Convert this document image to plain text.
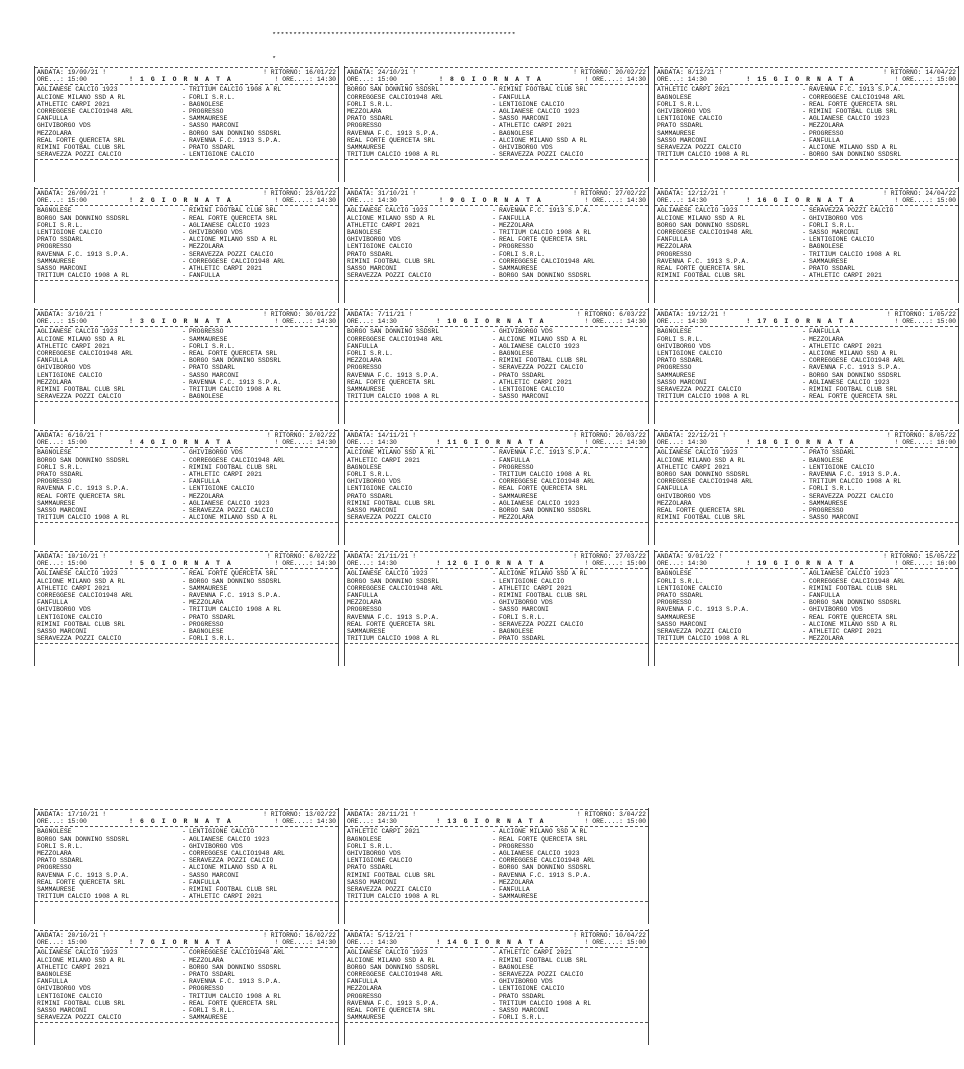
**********************************************************

*

ANDATA: 19/09/21 !	! RITORNO: 16/01/22
ORE...: 15:00	! 1 G I O R N A T A	! ORE....: 14:30
AGLIANESE CALCIO 1923	- TRITIUM CALCIO 1908 A RL
ALCIONE MILANO SSD A RL	- FORLI S.R.L.
ATHLETIC CARPI 2021	- BAGNOLESE
CORREGGESE CALCIO1948 ARL	- PROGRESSO
FANFULLA	- SAMMAURESE
GHIVIBORGO VDS	- SASSO MARCONI
MEZZOLARA	- BORGO SAN DONNINO SSDSRL
REAL FORTE QUERCETA SRL	- RAVENNA F.C. 1913 S.P.A.
RIMINI FOOTBAL CLUB SRL	- PRATO SSDARL
SERAVEZZA POZZI CALCIO	- LENTIGIONE CALCIO
ANDATA: 26/09/21 !	! RITORNO: 23/01/22
ORE...: 15:00	! 2 G I O R N A T A	! ORE....: 14:30
BAGNOLESE	- RIMINI FOOTBAL CLUB SRL
BORGO SAN DONNINO SSDSRL	- REAL FORTE QUERCETA SRL
FORLI S.R.L.	- AGLIANESE CALCIO 1923
LENTIGIONE CALCIO	- GHIVIBORGO VDS
PRATO SSDARL	- ALCIONE MILANO SSD A RL
PROGRESSO	- MEZZOLARA
RAVENNA F.C. 1913 S.P.A.	- SERAVEZZA POZZI CALCIO
SAMMAURESE	- CORREGGESE CALCIO1948 ARL
SASSO MARCONI	- ATHLETIC CARPI 2021
TRITIUM CALCIO 1908 A RL	- FANFULLA
ANDATA: 3/10/21 !	! RITORNO: 30/01/22
ORE...: 15:00	! 3 G I O R N A T A	! ORE....: 14:30
AGLIANESE CALCIO 1923	- PROGRESSO
ALCIONE MILANO SSD A RL	- SAMMAURESE
ATHLETIC CARPI 2021	- FORLI S.R.L.
CORREGGESE CALCIO1948 ARL	- REAL FORTE QUERCETA SRL
FANFULLA	- BORGO SAN DONNINO SSDSRL
GHIVIBORGO VDS	- PRATO SSDARL
LENTIGIONE CALCIO	- SASSO MARCONI
MEZZOLARA	- RAVENNA F.C. 1913 S.P.A.
RIMINI FOOTBAL CLUB SRL	- TRITIUM CALCIO 1908 A RL
SERAVEZZA POZZI CALCIO	- BAGNOLESE
ANDATA: 6/10/21 !	! RITORNO: 2/02/22
ORE...: 15:00	! 4 G I O R N A T A	! ORE....: 14:30
BAGNOLESE	- GHIVIBORGO VDS
BORGO SAN DONNINO SSDSRL	- CORREGGESE CALCIO1948 ARL
FORLI S.R.L.	- RIMINI FOOTBAL CLUB SRL
PRATO SSDARL	- ATHLETIC CARPI 2021
PROGRESSO	- FANFULLA
RAVENNA F.C. 1913 S.P.A.	- LENTIGIONE CALCIO
REAL FORTE QUERCETA SRL	- MEZZOLARA
SAMMAURESE	- AGLIANESE CALCIO 1923
SASSO MARCONI	- SERAVEZZA POZZI CALCIO
TRITIUM CALCIO 1908 A RL	- ALCIONE MILANO SSD A RL
ANDATA: 10/10/21 !	! RITORNO: 6/02/22
ORE...: 15:00	! 5 G I O R N A T A	! ORE....: 14:30
AGLIANESE CALCIO 1923	- REAL FORTE QUERCETA SRL
ALCIONE MILANO SSD A RL	- BORGO SAN DONNINO SSDSRL
ATHLETIC CARPI 2021	- SAMMAURESE
CORREGGESE CALCIO1948 ARL	- RAVENNA F.C. 1913 S.P.A.
FANFULLA	- MEZZOLARA
GHIVIBORGO VDS	- TRITIUM CALCIO 1908 A RL
LENTIGIONE CALCIO	- PRATO SSDARL
RIMINI FOOTBAL CLUB SRL	- PROGRESSO
SASSO MARCONI	- BAGNOLESE
SERAVEZZA POZZI CALCIO	- FORLI S.R.L.
ANDATA: 24/10/21 !	! RITORNO: 20/02/22
ORE...: 15:00	! 8 G I O R N A T A	! ORE....: 14:30
BORGO SAN DONNINO SSDSRL	- RIMINI FOOTBAL CLUB SRL
CORREGGESE CALCIO1948 ARL	- FANFULLA
FORLI S.R.L.	- LENTIGIONE CALCIO
MEZZOLARA	- AGLIANESE CALCIO 1923
PRATO SSDARL	- SASSO MARCONI
PROGRESSO	- ATHLETIC CARPI 2021
RAVENNA F.C. 1913 S.P.A.	- BAGNOLESE
REAL FORTE QUERCETA SRL	- ALCIONE MILANO SSD A RL
SAMMAURESE	- GHIVIBORGO VDS
TRITIUM CALCIO 1908 A RL	- SERAVEZZA POZZI CALCIO
ANDATA: 31/10/21 !	! RITORNO: 27/02/22
ORE...: 14:30	! 9 G I O R N A T A	! ORE....: 14:30
AGLIANESE CALCIO 1923	- RAVENNA F.C. 1913 S.P.A.
ALCIONE MILANO SSD A RL	- FANFULLA
ATHLETIC CARPI 2021	- MEZZOLARA
BAGNOLESE	- TRITIUM CALCIO 1908 A RL
GHIVIBORGO VDS	- REAL FORTE QUERCETA SRL
LENTIGIONE CALCIO	- PROGRESSO
PRATO SSDARL	- FORLI S.R.L.
RIMINI FOOTBAL CLUB SRL	- CORREGGESE CALCIO1948 ARL
SASSO MARCONI	- SAMMAURESE
SERAVEZZA POZZI CALCIO	- BORGO SAN DONNINO SSDSRL
ANDATA: 7/11/21 !	! RITORNO: 6/03/22
ORE...: 14:30	! 10 G I O R N A T A	! ORE....: 14:30
BORGO SAN DONNINO SSDSRL	- GHIVIBORGO VDS
CORREGGESE CALCIO1948 ARL	- ALCIONE MILANO SSD A RL
FANFULLA	- AGLIANESE CALCIO 1923
FORLI S.R.L.	- BAGNOLESE
MEZZOLARA	- RIMINI FOOTBAL CLUB SRL
PROGRESSO	- SERAVEZZA POZZI CALCIO
RAVENNA F.C. 1913 S.P.A.	- PRATO SSDARL
REAL FORTE QUERCETA SRL	- ATHLETIC CARPI 2021
SAMMAURESE	- LENTIGIONE CALCIO
TRITIUM CALCIO 1908 A RL	- SASSO MARCONI
ANDATA: 14/11/21 !	! RITORNO: 20/03/22
ORE...: 14:30	! 11 G I O R N A T A	! ORE....: 14:30
ALCIONE MILANO SSD A RL	- RAVENNA F.C. 1913 S.P.A.
ATHLETIC CARPI 2021	- FANFULLA
BAGNOLESE	- PROGRESSO
FORLI S.R.L.	- TRITIUM CALCIO 1908 A RL
GHIVIBORGO VDS	- CORREGGESE CALCIO1948 ARL
LENTIGIONE CALCIO	- REAL FORTE QUERCETA SRL
PRATO SSDARL	- SAMMAURESE
RIMINI FOOTBAL CLUB SRL	- AGLIANESE CALCIO 1923
SASSO MARCONI	- BORGO SAN DONNINO SSDSRL
SERAVEZZA POZZI CALCIO	- MEZZOLARA
ANDATA: 21/11/21 !	! RITORNO: 27/03/22
ORE...: 14:30	! 12 G I O R N A T A	! ORE....: 15:00
AGLIANESE CALCIO 1923	- ALCIONE MILANO SSD A RL
BORGO SAN DONNINO SSDSRL	- LENTIGIONE CALCIO
CORREGGESE CALCIO1948 ARL	- ATHLETIC CARPI 2021
FANFULLA	- RIMINI FOOTBAL CLUB SRL
MEZZOLARA	- GHIVIBORGO VDS
PROGRESSO	- SASSO MARCONI
RAVENNA F.C. 1913 S.P.A.	- FORLI S.R.L.
REAL FORTE QUERCETA SRL	- SERAVEZZA POZZI CALCIO
SAMMAURESE	- BAGNOLESE
TRITIUM CALCIO 1908 A RL	- PRATO SSDARL
ANDATA: 8/12/21 !	! RITORNO: 14/04/22
ORE...: 14:30	! 15 G I O R N A T A	! ORE....: 15:00
ATHLETIC CARPI 2021	- RAVENNA F.C. 1913 S.P.A.
BAGNOLESE	- CORREGGESE CALCIO1948 ARL
FORLI S.R.L.	- REAL FORTE QUERCETA SRL
GHIVIBORGO VDS	- RIMINI FOOTBAL CLUB SRL
LENTIGIONE CALCIO	- AGLIANESE CALCIO 1923
PRATO SSDARL	- MEZZOLARA
SAMMAURESE	- PROGRESSO
SASSO MARCONI	- FANFULLA
SERAVEZZA POZZI CALCIO	- ALCIONE MILANO SSD A RL
TRITIUM CALCIO 1908 A RL	- BORGO SAN DONNINO SSDSRL
ANDATA: 12/12/21 !	! RITORNO: 24/04/22
ORE...: 14:30	! 16 G I O R N A T A	! ORE....: 15:00
AGLIANESE CALCIO 1923	- SERAVEZZA POZZI CALCIO
ALCIONE MILANO SSD A RL	- GHIVIBORGO VDS
BORGO SAN DONNINO SSDSRL	- FORLI S.R.L.
CORREGGESE CALCIO1948 ARL	- SASSO MARCONI
FANFULLA	- LENTIGIONE CALCIO
MEZZOLARA	- BAGNOLESE
PROGRESSO	- TRITIUM CALCIO 1908 A RL
RAVENNA F.C. 1913 S.P.A.	- SAMMAURESE
REAL FORTE QUERCETA SRL	- PRATO SSDARL
RIMINI FOOTBAL CLUB SRL	- ATHLETIC CARPI 2021
ANDATA: 19/12/21 !	! RITORNO: 1/05/22
ORE...: 14:30	! 17 G I O R N A T A	! ORE....: 15:00
BAGNOLESE	- FANFULLA
FORLI S.R.L.	- MEZZOLARA
GHIVIBORGO VDS	- ATHLETIC CARPI 2021
LENTIGIONE CALCIO	- ALCIONE MILANO SSD A RL
PRATO SSDARL	- CORREGGESE CALCIO1948 ARL
PROGRESSO	- RAVENNA F.C. 1913 S.P.A.
SAMMAURESE	- BORGO SAN DONNINO SSDSRL
SASSO MARCONI	- AGLIANESE CALCIO 1923
SERAVEZZA POZZI CALCIO	- RIMINI FOOTBAL CLUB SRL
TRITIUM CALCIO 1908 A RL	- REAL FORTE QUERCETA SRL
ANDATA: 22/12/21 !	! RITORNO: 8/05/22
ORE...: 14:30	! 18 G I O R N A T A	! ORE....: 16:00
AGLIANESE CALCIO 1923	- PRATO SSDARL
ALCIONE MILANO SSD A RL	- BAGNOLESE
ATHLETIC CARPI 2021	- LENTIGIONE CALCIO
BORGO SAN DONNINO SSDSRL	- RAVENNA F.C. 1913 S.P.A.
CORREGGESE CALCIO1948 ARL	- TRITIUM CALCIO 1908 A RL
FANFULLA	- FORLI S.R.L.
GHIVIBORGO VDS	- SERAVEZZA POZZI CALCIO
MEZZOLARA	- SAMMAURESE
REAL FORTE QUERCETA SRL	- PROGRESSO
RIMINI FOOTBAL CLUB SRL	- SASSO MARCONI
ANDATA: 9/01/22 !	! RITORNO: 15/05/22
ORE...: 14:30	! 19 G I O R N A T A	! ORE....: 16:00
BAGNOLESE	- AGLIANESE CALCIO 1923
FORLI S.R.L.	- CORREGGESE CALCIO1948 ARL
LENTIGIONE CALCIO	- RIMINI FOOTBAL CLUB SRL
PRATO SSDARL	- FANFULLA
PROGRESSO	- BORGO SAN DONNINO SSDSRL
RAVENNA F.C. 1913 S.P.A.	- GHIVIBORGO VDS
SAMMAURESE	- REAL FORTE QUERCETA SRL
SASSO MARCONI	- ALCIONE MILANO SSD A RL
SERAVEZZA POZZI CALCIO	- ATHLETIC CARPI 2021
TRITIUM CALCIO 1908 A RL	- MEZZOLARA
ANDATA: 17/10/21 !	! RITORNO: 13/02/22
ORE...: 15:00	! 6 G I O R N A T A	! ORE....: 14:30
BAGNOLESE	- LENTIGIONE CALCIO
BORGO SAN DONNINO SSDSRL	- AGLIANESE CALCIO 1923
FORLI S.R.L.	- GHIVIBORGO VDS
MEZZOLARA	- CORREGGESE CALCIO1948 ARL
PRATO SSDARL	- SERAVEZZA POZZI CALCIO
PROGRESSO	- ALCIONE MILANO SSD A RL
RAVENNA F.C. 1913 S.P.A.	- SASSO MARCONI
REAL FORTE QUERCETA SRL	- FANFULLA
SAMMAURESE	- RIMINI FOOTBAL CLUB SRL
TRITIUM CALCIO 1908 A RL	- ATHLETIC CARPI 2021
ANDATA: 20/10/21 !	! RITORNO: 16/02/22
ORE...: 15:00	! 7 G I O R N A T A	! ORE....: 14:30
AGLIANESE CALCIO 1923	- CORREGGESE CALCIO1948 ARL
ALCIONE MILANO SSD A RL	- MEZZOLARA
ATHLETIC CARPI 2021	- BORGO SAN DONNINO SSDSRL
BAGNOLESE	- PRATO SSDARL
FANFULLA	- RAVENNA F.C. 1913 S.P.A.
GHIVIBORGO VDS	- PROGRESSO
LENTIGIONE CALCIO	- TRITIUM CALCIO 1908 A RL
RIMINI FOOTBAL CLUB SRL	- REAL FORTE QUERCETA SRL
SASSO MARCONI	- FORLI S.R.L.
SERAVEZZA POZZI CALCIO	- SAMMAURESE
ANDATA: 28/11/21 !	! RITORNO: 3/04/22
ORE...: 14:30	! 13 G I O R N A T A	! ORE....: 15:00
ATHLETIC CARPI 2021	- ALCIONE MILANO SSD A RL
BAGNOLESE	- REAL FORTE QUERCETA SRL
FORLI S.R.L.	- PROGRESSO
GHIVIBORGO VDS	- AGLIANESE CALCIO 1923
LENTIGIONE CALCIO	- CORREGGESE CALCIO1948 ARL
PRATO SSDARL	- BORGO SAN DONNINO SSDSRL
RIMINI FOOTBAL CLUB SRL	- RAVENNA F.C. 1913 S.P.A.
SASSO MARCONI	- MEZZOLARA
SERAVEZZA POZZI CALCIO	- FANFULLA
TRITIUM CALCIO 1908 A RL	- SAMMAURESE
ANDATA: 5/12/21 !	! RITORNO: 10/04/22
ORE...: 14:30	! 14 G I O R N A T A	! ORE....: 15:00
AGLIANESE CALCIO 1923	- ATHLETIC CARPI 2021
ALCIONE MILANO SSD A RL	- RIMINI FOOTBAL CLUB SRL
BORGO SAN DONNINO SSDSRL	- BAGNOLESE
CORREGGESE CALCIO1948 ARL	- SERAVEZZA POZZI CALCIO
FANFULLA	- GHIVIBORGO VDS
MEZZOLARA	- LENTIGIONE CALCIO
PROGRESSO	- PRATO SSDARL
RAVENNA F.C. 1913 S.P.A.	- TRITIUM CALCIO 1908 A RL
REAL FORTE QUERCETA SRL	- SASSO MARCONI
SAMMAURESE	- FORLI S.R.L.
